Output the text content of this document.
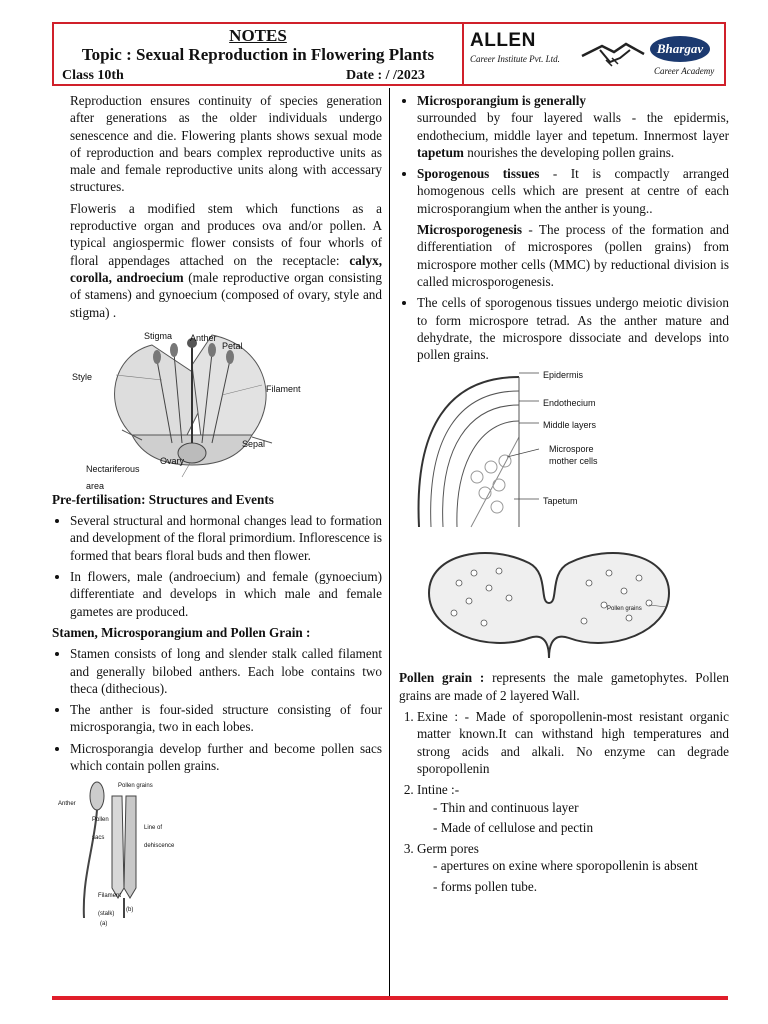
NOTES
Topic : Sexual Reproduction in Flowering Plants
Class 10th	Date : / /2023
ALLEN
Career Institute Pvt. Ltd.
Bhargav
Career Academy

Reproduction ensures continuity of species generation after generations as the older individuals undergo senescence and die. Flowering plants shows sexual mode of reproduction and bears complex reproductive units as male and female reproductive units along with accessary structures.

Floweris a modified stem which functions as a reproductive organ and produces ova and/or pollen. A typical angiospermic flower consists of four whorls of floral appendages attached on the receptacle: calyx, corolla, androecium (male reproductive organ consisting of stamens) and gynoecium (composed of ovary, style and stigma) .

Stigma Anther
Petal
Style
Filament
Sepal
Ovary
Nectariferous area
Pre-fertilisation: Structures and Events
• Several structural and hormonal changes lead to formation and development of the floral primordium. Inflorescence is formed that bears floral buds and then flower.
• In flowers, male (androecium) and female (gynoecium) differentiate and develops in which male and female gametes are produced.
Stamen, Microsporangium and Pollen Grain :
• Stamen consists of long and slender stalk called filament and generally bilobed anthers. Each lobe contains two theca (dithecious).
• The anther is four-sided structure consisting of four microsporangia, two in each lobes.
• Microsporangia develop further and become pollen sacs which contain pollen grains.
Anther
Pollen grains
Pollen sacs
Line of dehiscence
Filament (stalk)
(a)
(b)
• Microsporangium is generally
surrounded by four layered walls - the epidermis, endothecium, middle layer and tepetum. Innermost layer tapetum nourishes the developing pollen grains.
• Sporogenous tissues - It is compactly arranged homogenous cells which are present at centre of each microsporangium when the anther is young..

Microsporogenesis - The process of the formation and differentiation of microspores (pollen grains) from microspore mother cells (MMC) by reductional division is called microsporogenesis.

• The cells of sporogenous tissues undergo meiotic division to form microspore tetrad. As the anther mature and dehydrate, the microspore dissociate and develops into pollen grains.
Epidermis
Endothecium
Middle layers
Microspore
mother cells
Tapetum
Pollen grains

Pollen grain : represents the male gametophytes. Pollen grains are made of 2 layered Wall.

1. Exine : - Made of sporopollenin-most resistant organic matter known.It can withstand high temperatures and strong acids and alkali. No enzyme can degrade sporopollenin
2. Intine :-
- Thin and continuous layer
- Made of cellulose and pectin
3. Germ pores
- apertures on exine where sporopollenin is absent
- forms pollen tube.
